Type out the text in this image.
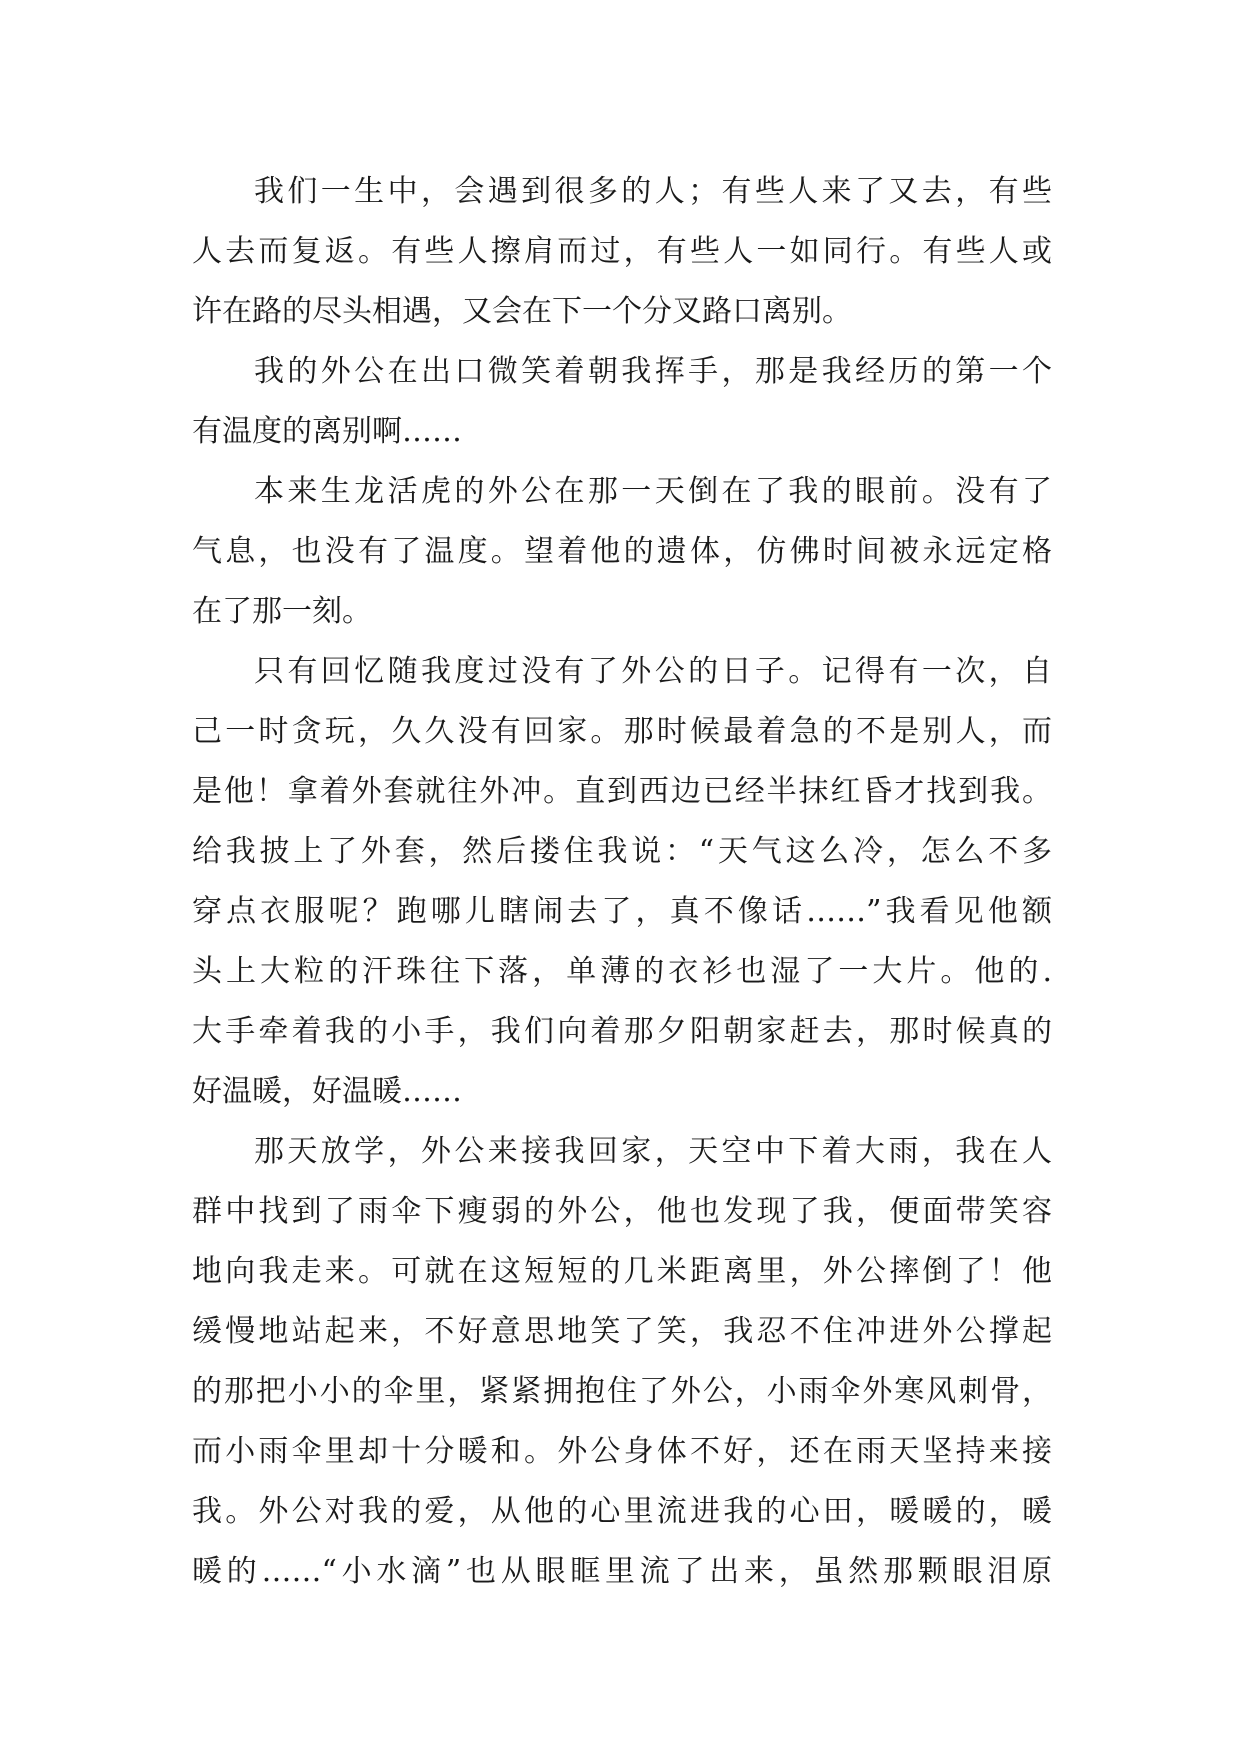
我们一生中，会遇到很多的人；有些人来了又去，有些
人去而复返。有些人擦肩而过，有些人一如同行。有些人或
许在路的尽头相遇，又会在下一个分叉路口离别。
我的外公在出口微笑着朝我挥手，那是我经历的第一个
有温度的离别啊……
本来生龙活虎的外公在那一天倒在了我的眼前。没有了
气息，也没有了温度。望着他的遗体，仿佛时间被永远定格
在了那一刻。
只有回忆随我度过没有了外公的日子。记得有一次，自
己一时贪玩，久久没有回家。那时候最着急的不是别人，而
是他！拿着外套就往外冲。直到西边已经半抹红昏才找到我。
给我披上了外套，然后搂住我说：“天气这么冷，怎么不多
穿点衣服呢？跑哪儿瞎闹去了，真不像话……”我看见他额
头上大粒的汗珠往下落，单薄的衣衫也湿了一大片。他的.
大手牵着我的小手，我们向着那夕阳朝家赶去，那时候真的
好温暖，好温暖……
那天放学，外公来接我回家，天空中下着大雨，我在人
群中找到了雨伞下瘦弱的外公，他也发现了我，便面带笑容
地向我走来。可就在这短短的几米距离里，外公摔倒了！他
缓慢地站起来，不好意思地笑了笑，我忍不住冲进外公撑起
的那把小小的伞里，紧紧拥抱住了外公，小雨伞外寒风刺骨，
而小雨伞里却十分暖和。外公身体不好，还在雨天坚持来接
我。外公对我的爱，从他的心里流进我的心田，暖暖的，暖
暖的……“小水滴”也从眼眶里流了出来，虽然那颗眼泪原
